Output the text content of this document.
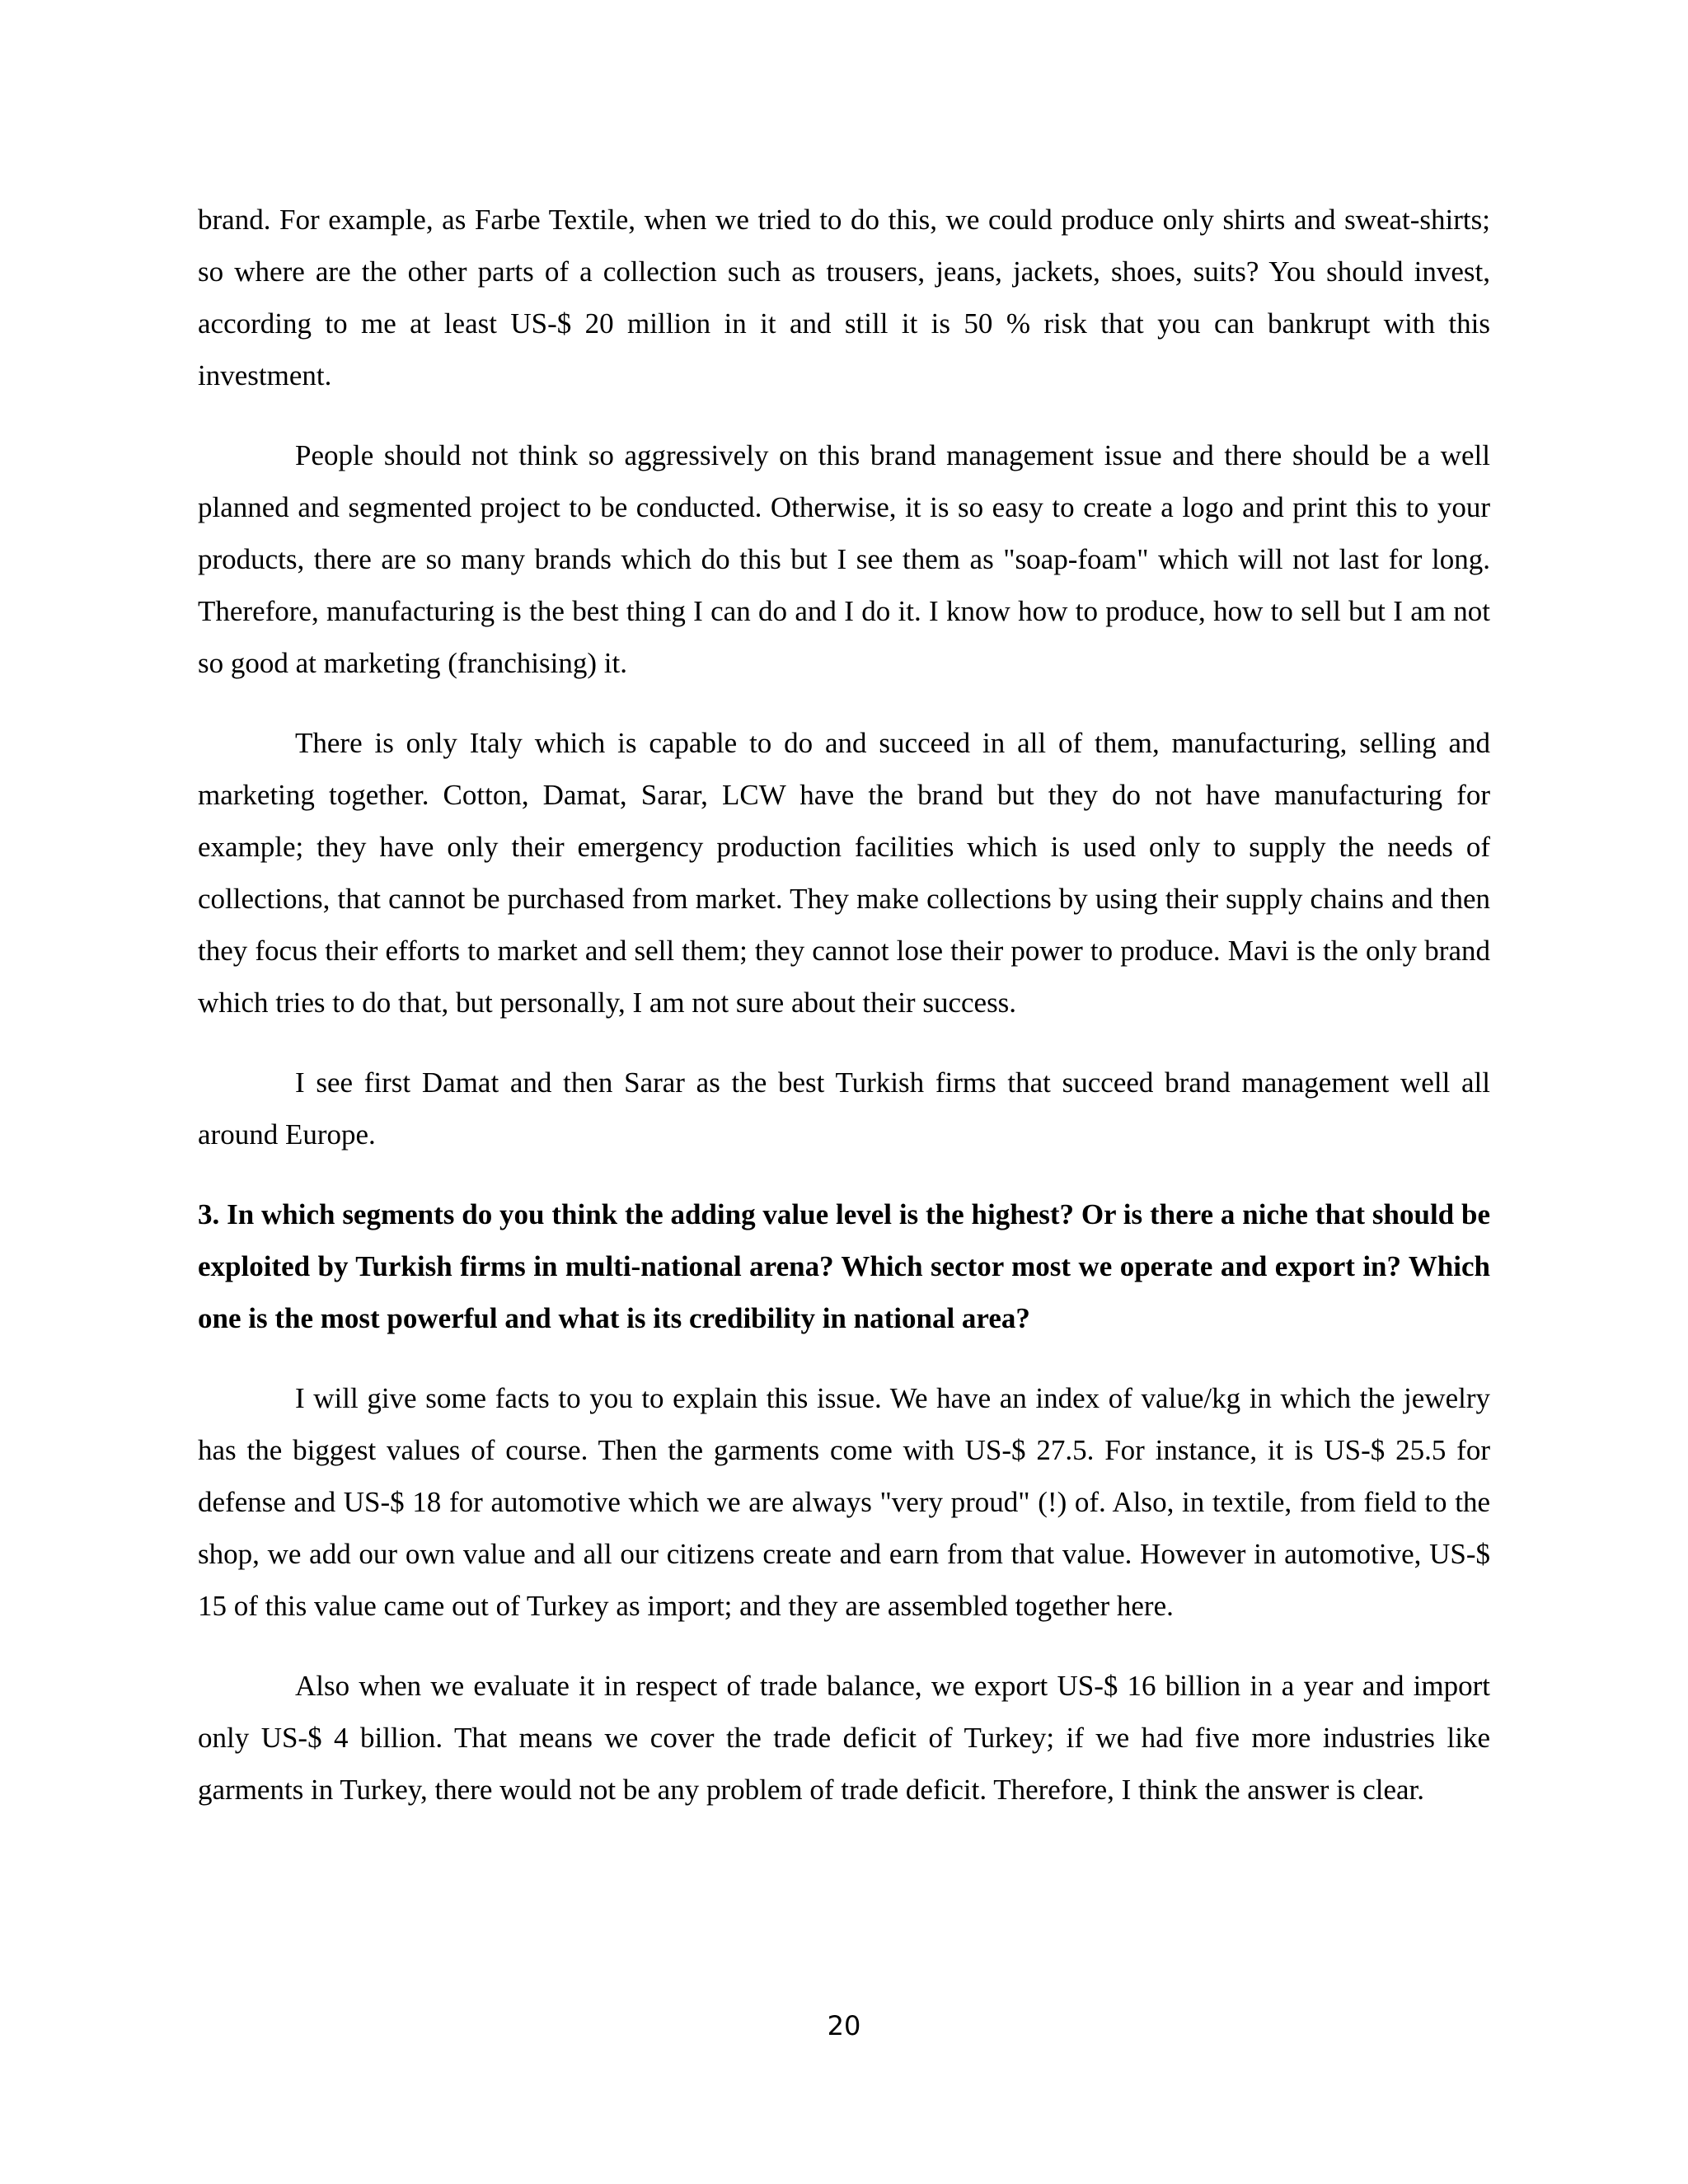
brand. For example, as Farbe Textile, when we tried to do this, we could produce only shirts and sweat-shirts; so where are the other parts of a collection such as trousers, jeans, jackets, shoes, suits? You should invest, according to me at least US-$ 20 million in it and still it is 50 % risk that you can bankrupt with this investment.

People should not think so aggressively on this brand management issue and there should be a well planned and segmented project to be conducted. Otherwise, it is so easy to create a logo and print this to your products, there are so many brands which do this but I see them as "soap-foam" which will not last for long. Therefore, manufacturing is the best thing I can do and I do it. I know how to produce, how to sell but I am not so good at marketing (franchising) it.

There is only Italy which is capable to do and succeed in all of them, manufacturing, selling and marketing together. Cotton, Damat, Sarar, LCW have the brand but they do not have manufacturing for example; they have only their emergency production facilities which is used only to supply the needs of collections, that cannot be purchased from market. They make collections by using their supply chains and then they focus their efforts to market and sell them; they cannot lose their power to produce. Mavi is the only brand which tries to do that, but personally, I am not sure about their success.

I see first Damat and then Sarar as the best Turkish firms that succeed brand management well all around Europe.

3. In which segments do you think the adding value level is the highest? Or is there a niche that should be exploited by Turkish firms in multi-national arena? Which sector most we operate and export in? Which one is the most powerful and what is its credibility in national area?

I will give some facts to you to explain this issue. We have an index of value/kg in which the jewelry has the biggest values of course. Then the garments come with US-$ 27.5. For instance, it is US-$ 25.5 for defense and US-$ 18 for automotive which we are always "very proud" (!) of. Also, in textile, from field to the shop, we add our own value and all our citizens create and earn from that value. However in automotive, US-$ 15 of this value came out of Turkey as import; and they are assembled together here.

Also when we evaluate it in respect of trade balance, we export US-$ 16 billion in a year and import only US-$ 4 billion. That means we cover the trade deficit of Turkey; if we had five more industries like garments in Turkey, there would not be any problem of trade deficit. Therefore, I think the answer is clear.

20
